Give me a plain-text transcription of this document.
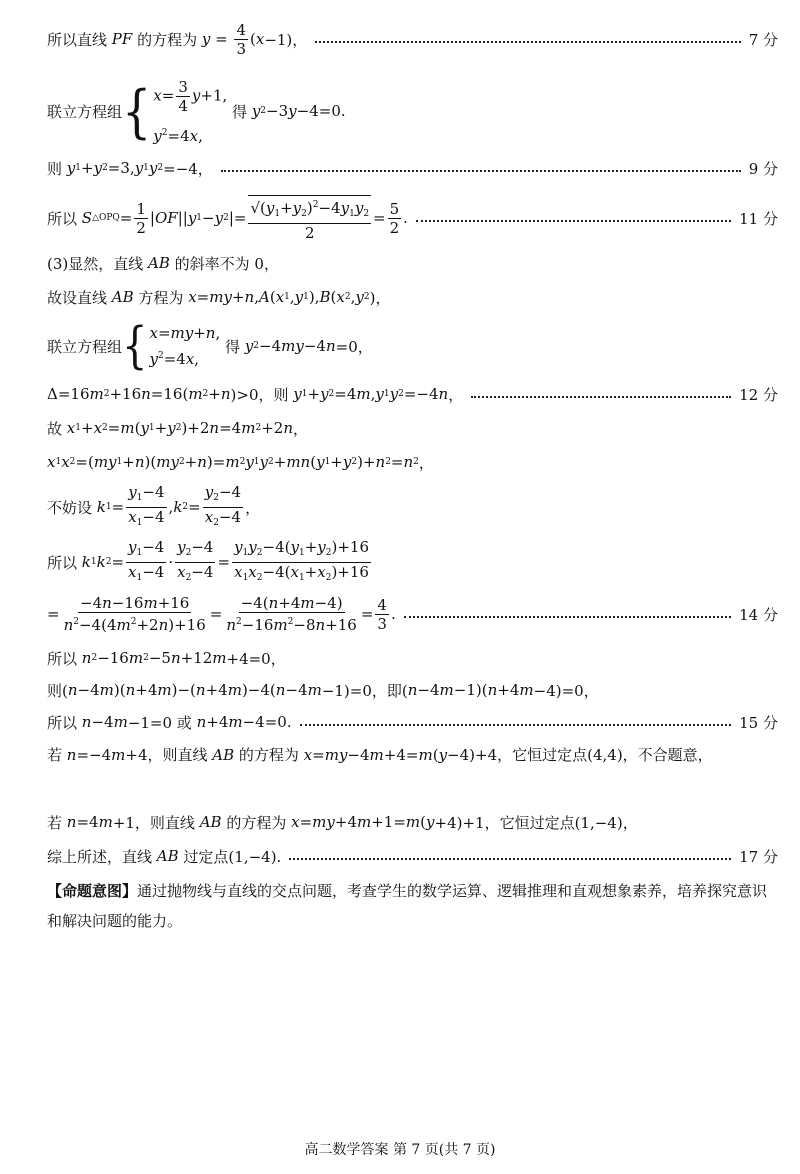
所以直线 PF 的方程为 y =
4
3
( x −1)，	7 分
联立方程组 { $x= \frac{3}{4} y+1$,
$y^2=4x$,
得 y 2 −3 y −4=0.
则 y 1 + y 2 =3, y 1 y 2 =−4，	9 分
所以 S △OPQ =
1
2
| OF || y 1 − y 2 |=
$√(y_1+y_2)^2-4y_1y_2$
2
=
5
2
.	11 分
(3)显然，直线 AB 的斜率不为 0，
故设直线 AB 方程为 x = my + n , A ( x 1 , y 1 ), B ( x 2 , y 2 )，
联立方程组 { x=my+n,
$y^2=4x$,
得 y 2 −4 my −4 n =0，
Δ=16 m 2 +16 n =16( m 2 + n )>0，则 y 1 + y 2 =4 m , y 1 y 2 =−4 n ，	12 分
故 x 1 + x 2 = m ( y 1 + y 2 )+2 n =4 m 2 +2 n ，
x 1 x 2 =( my 1 + n )( my 2 + n )= m 2 y 1 y 2 + mn ( y 1 + y 2 )+ n 2 = n 2 ，
不妨设 k 1 =
$y_1-4$
$x_1-4$
, k 2 =
$y_2-4$
$x_2-4$ ，
所以 k 1 k 2 =
$y_1-4$
$x_1-4$
·
$y_2-4$
$x_2-4$
=
$y_1y_2-4(y_1+y_2)+16$
$x_1x_2-4(x_1+x_2)+16$
=
−4n−16m+16
$n^2-4(4m^2+2n)+16$
=
−4(n+4m−4)
$n^2-16m^2-8n+16$
=
4
3
.	14 分
所以 n 2 −16 m 2 −5 n +12 m +4=0，
则( n −4 m )( n +4 m )−( n +4 m )−4( n −4 m −1)=0，即( n −4 m −1)( n +4 m −4)=0，
所以 n −4 m −1=0 或 n +4 m −4=0.	15 分
若 n=−4m+4，则直线 AB 的方程为 x=my−4m+4=m(y−4)+4，它恒过定点(4,4)，不合题意，
若 n =4 m +1，则直线 AB 的方程为 x = my +4 m +1= m ( y +4)+1，它恒过定点(1,−4)，
综上所述，直线 AB 过定点(1,−4).	17 分
【命题意图】通过抛物线与直线的交点问题，考查学生的数学运算、逻辑推理和直观想象素养，培养探究意识和解决问题的能力。
高二数学答案 第 7 页(共 7 页)
